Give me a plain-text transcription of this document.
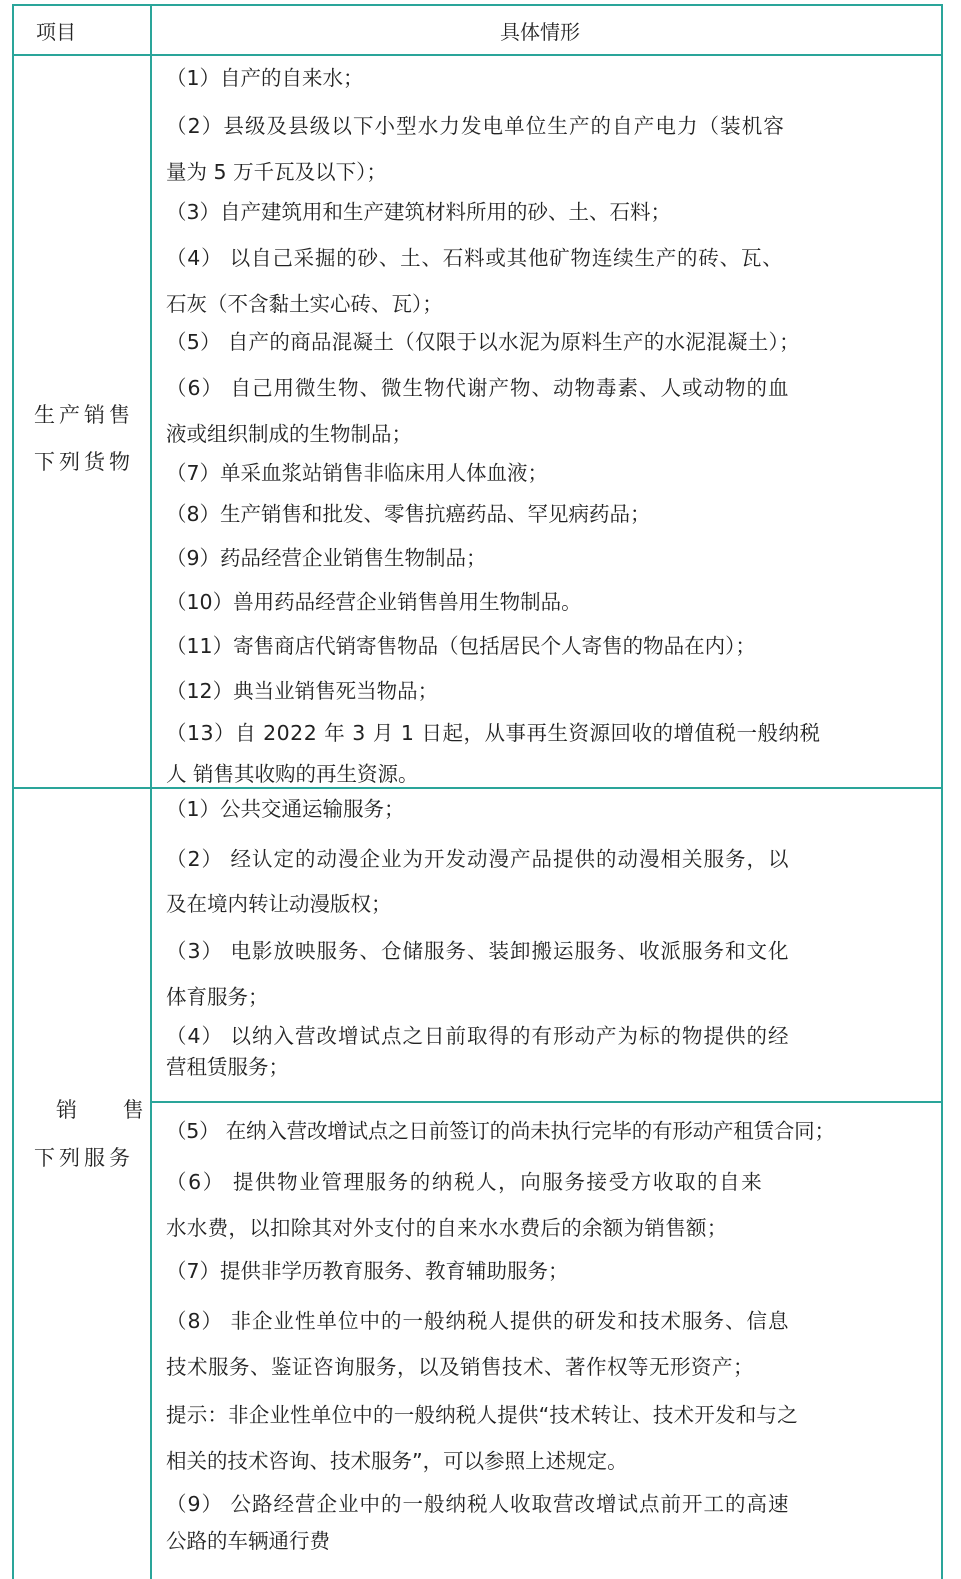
项目	具体情形
生产销售
下列货物
（1）自产的自来水；
（2）县级及县级以下小型水力发电单位生产的自产电力（装机容
量为 5 万千瓦及以下）；
（3）自产建筑用和生产建筑材料所用的砂、土、石料；
（4） 以自己采掘的砂、土、石料或其他矿物连续生产的砖、瓦、
石灰（不含黏土实心砖、瓦）；
（5） 自产的商品混凝土（仅限于以水泥为原料生产的水泥混凝土）；
（6） 自己用微生物、微生物代谢产物、动物毒素、人或动物的血
液或组织制成的生物制品；
（7）单采血浆站销售非临床用人体血液；
（8）生产销售和批发、零售抗癌药品、罕见病药品；
（9）药品经营企业销售生物制品；
（10）兽用药品经营企业销售兽用生物制品。
（11）寄售商店代销寄售物品（包括居民个人寄售的物品在内）；
（12）典当业销售死当物品；
（13）自 2022 年 3 月 1 日起，从事再生资源回收的增值税一般纳税
人 销售其收购的再生资源。
销    售
下列服务
（1）公共交通运输服务；
（2） 经认定的动漫企业为开发动漫产品提供的动漫相关服务，以
及在境内转让动漫版权；
（3） 电影放映服务、仓储服务、装卸搬运服务、收派服务和文化
体育服务；
（4） 以纳入营改增试点之日前取得的有形动产为标的物提供的经
营租赁服务；
（5） 在纳入营改增试点之日前签订的尚未执行完毕的有形动产租赁合同；
（6） 提供物业管理服务的纳税人，向服务接受方收取的自来
水水费，以扣除其对外支付的自来水水费后的余额为销售额；
（7）提供非学历教育服务、教育辅助服务；
（8） 非企业性单位中的一般纳税人提供的研发和技术服务、信息
技术服务、鉴证咨询服务，以及销售技术、著作权等无形资产；
提示：非企业性单位中的一般纳税人提供“技术转让、技术开发和与之
相关的技术咨询、技术服务”，可以参照上述规定。
（9） 公路经营企业中的一般纳税人收取营改增试点前开工的高速
公路的车辆通行费
